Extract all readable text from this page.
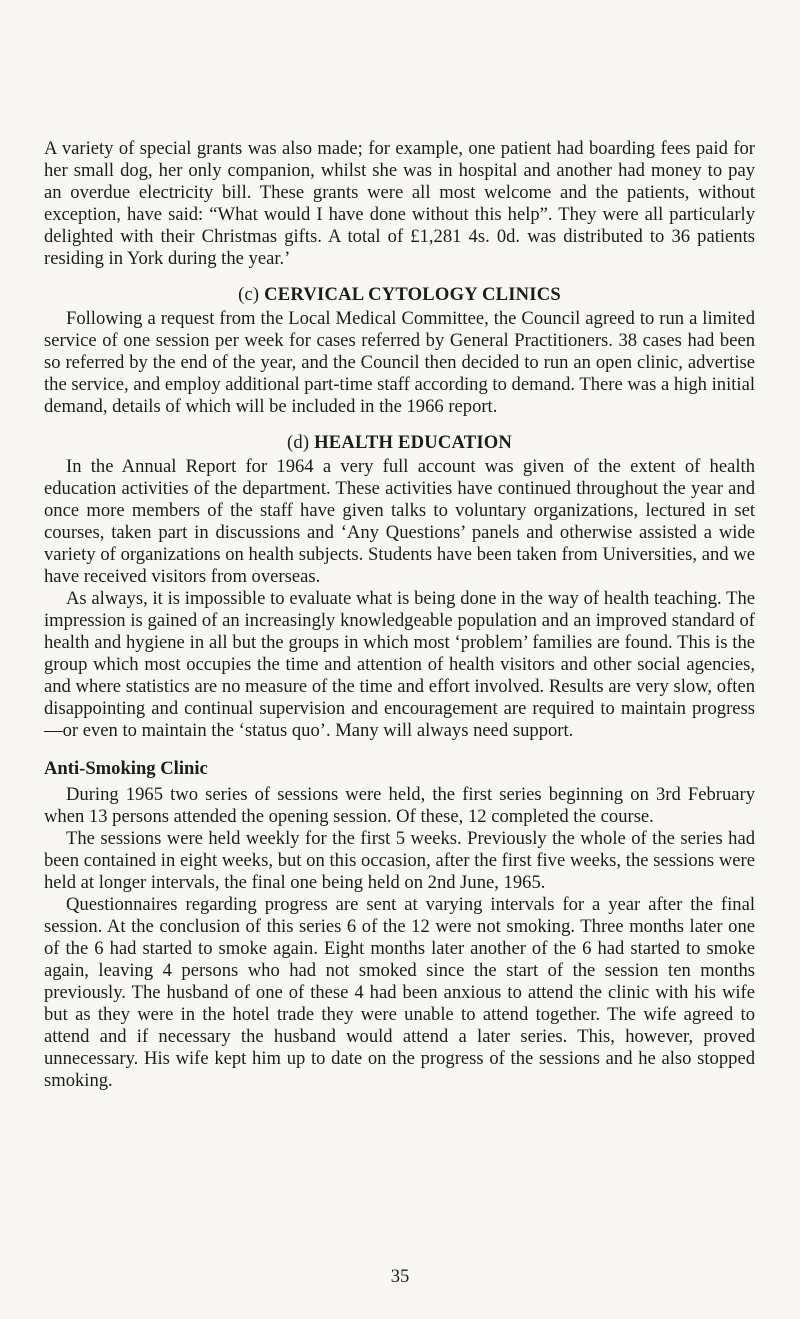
A variety of special grants was also made; for example, one patient had boarding fees paid for her small dog, her only companion, whilst she was in hospital and another had money to pay an overdue electricity bill. These grants were all most welcome and the patients, without exception, have said: “What would I have done without this help”. They were all particularly delighted with their Christmas gifts. A total of £1,281 4s. 0d. was distributed to 36 patients residing in York during the year.’

(c) CERVICAL CYTOLOGY CLINICS

Following a request from the Local Medical Committee, the Council agreed to run a limited service of one session per week for cases referred by General Practitioners. 38 cases had been so referred by the end of the year, and the Council then decided to run an open clinic, advertise the service, and employ additional part-time staff according to demand. There was a high initial demand, details of which will be included in the 1966 report.

(d) HEALTH EDUCATION

In the Annual Report for 1964 a very full account was given of the extent of health education activities of the department. These activities have continued throughout the year and once more members of the staff have given talks to voluntary organizations, lectured in set courses, taken part in discussions and ‘Any Questions’ panels and otherwise assisted a wide variety of organizations on health subjects. Students have been taken from Universities, and we have received visitors from overseas.

As always, it is impossible to evaluate what is being done in the way of health teaching. The impression is gained of an increasingly knowledgeable population and an improved standard of health and hygiene in all but the groups in which most ‘problem’ families are found. This is the group which most occupies the time and attention of health visitors and other social agencies, and where statistics are no measure of the time and effort involved. Results are very slow, often disappointing and continual supervision and encouragement are required to maintain progress—or even to maintain the ‘status quo’. Many will always need support.

Anti-Smoking Clinic

During 1965 two series of sessions were held, the first series beginning on 3rd February when 13 persons attended the opening session. Of these, 12 completed the course.

The sessions were held weekly for the first 5 weeks. Previously the whole of the series had been contained in eight weeks, but on this occasion, after the first five weeks, the sessions were held at longer intervals, the final one being held on 2nd June, 1965.

Questionnaires regarding progress are sent at varying intervals for a year after the final session. At the conclusion of this series 6 of the 12 were not smoking. Three months later one of the 6 had started to smoke again. Eight months later another of the 6 had started to smoke again, leaving 4 persons who had not smoked since the start of the session ten months previously. The husband of one of these 4 had been anxious to attend the clinic with his wife but as they were in the hotel trade they were unable to attend together. The wife agreed to attend and if necessary the husband would attend a later series. This, however, proved unnecessary. His wife kept him up to date on the progress of the sessions and he also stopped smoking.

35
